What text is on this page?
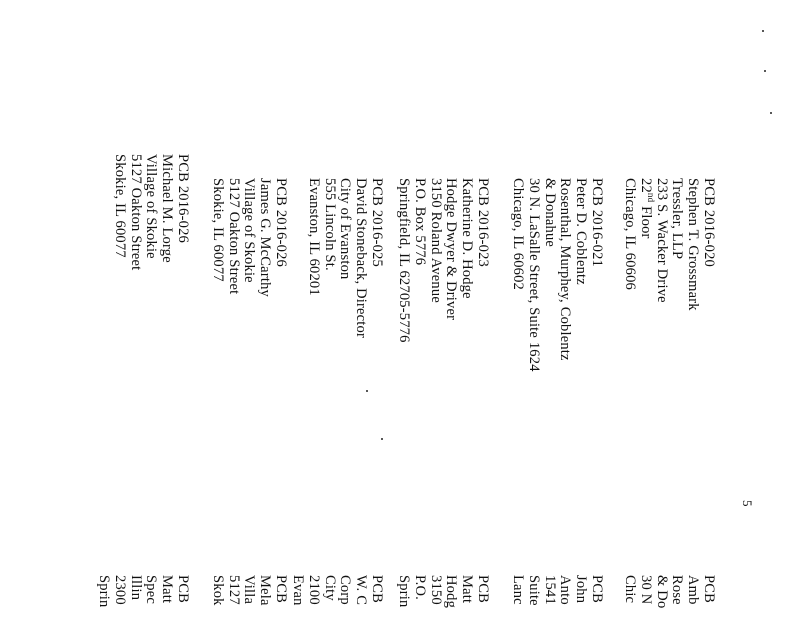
PCB 2016-020
Stephen T. Grossmark
Tressler, LLP
233 S. Wacker Drive
22nd Floor
Chicago, IL 60606
PCB 2016-021
Peter D. Coblentz
Rosenthal, Murphey, Coblentz
& Donahue
30 N. LaSalle Street, Suite 1624
Chicago, IL 60602
PCB 2016-023
Katherine D. Hodge
Hodge Dwyer & Driver
3150 Roland Avenue
P.O. Box 5776
Springfield, IL 62705-5776
PCB 2016-025
David Stoneback, Director
City of Evanston
555 Lincoln St.
Evanston, IL 60201
PCB 2016-026
James G. McCarthy
Village of Skokie
5127 Oakton Street
Skokie, IL 60077
PCB 2016-026
Michael M. Lorge
Village of Skokie
5127 Oakton Street
Skokie, IL 60077
PCB
Amb
Rose
& Do
30 N
Chic
PCB
John
Anto
1541
Suite
Lanc
PCB
Matt
Hodg
3150
P.O.
Sprin
PCB
W. C
Corp
City
2100
Evan
PCB
Mela
Villa
5127
Skok
PCB
Matt
Spec
Illin
2300
Sprin
5
